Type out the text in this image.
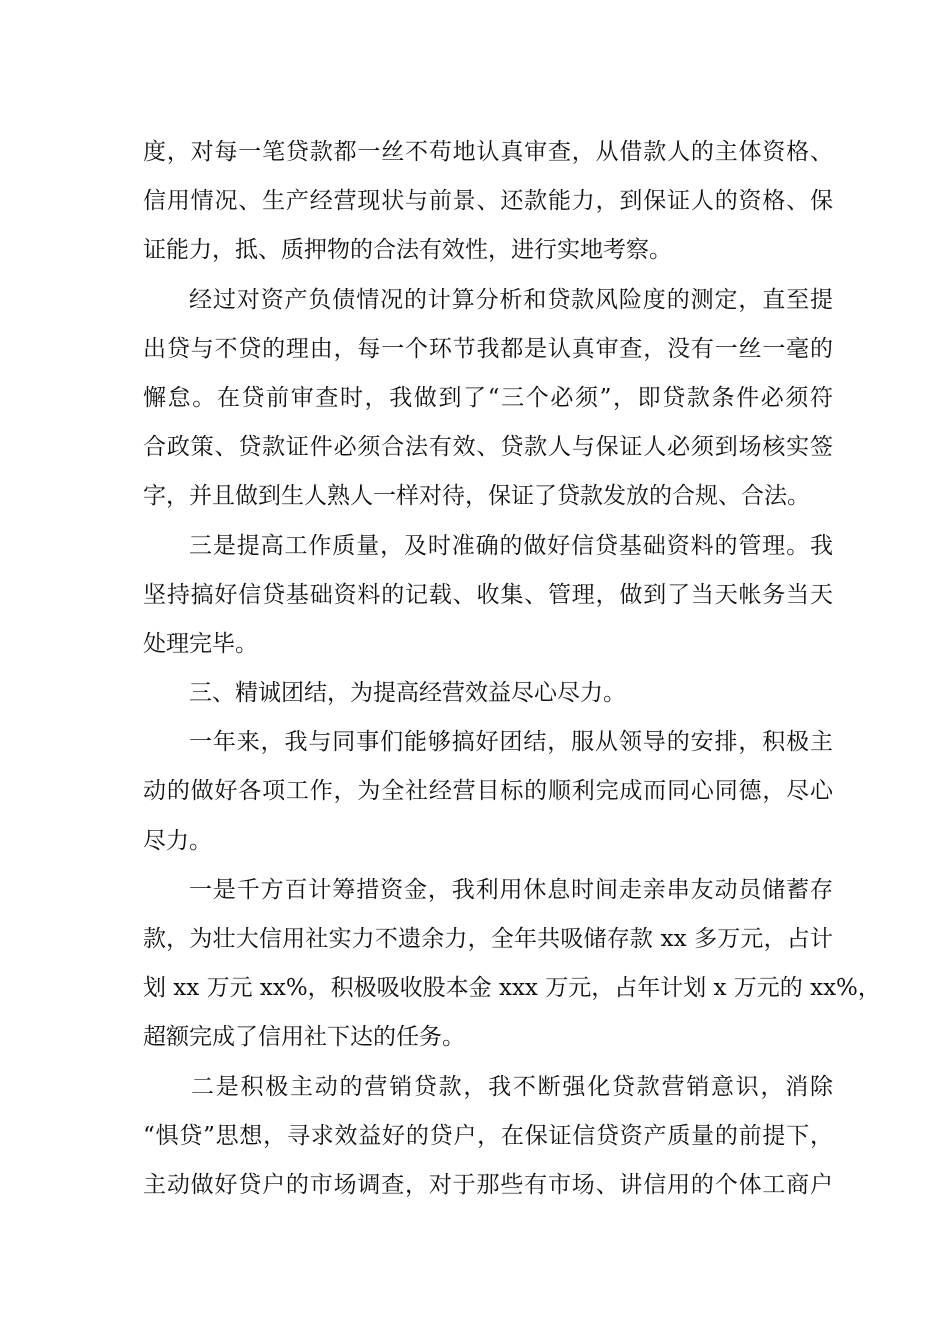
度，对每一笔贷款都一丝不苟地认真审查，从借款人的主体资格、
信用情况、生产经营现状与前景、还款能力，到保证人的资格、保
证能力，抵、质押物的合法有效性，进行实地考察。
经过对资产负债情况的计算分析和贷款风险度的测定，直至提
出贷与不贷的理由，每一个环节我都是认真审查，没有一丝一毫的
懈怠。在贷前审查时，我做到了“三个必须”，即贷款条件必须符
合政策、贷款证件必须合法有效、贷款人与保证人必须到场核实签
字，并且做到生人熟人一样对待，保证了贷款发放的合规、合法。
三是提高工作质量，及时准确的做好信贷基础资料的管理。我
坚持搞好信贷基础资料的记载、收集、管理，做到了当天帐务当天
处理完毕。
三、精诚团结，为提高经营效益尽心尽力。
一年来，我与同事们能够搞好团结，服从领导的安排，积极主
动的做好各项工作，为全社经营目标的顺利完成而同心同德，尽心
尽力。
一是千方百计筹措资金，我利用休息时间走亲串友动员储蓄存
款，为壮大信用社实力不遗余力，全年共吸储存款 xx 多万元，占计
划 xx 万元 xx%，积极吸收股本金 xxx 万元，占年计划 x 万元的 xx%，
超额完成了信用社下达的任务。
二是积极主动的营销贷款，我不断强化贷款营销意识，消除
“惧贷”思想，寻求效益好的贷户，在保证信贷资产质量的前提下，
主动做好贷户的市场调查，对于那些有市场、讲信用的个体工商户
